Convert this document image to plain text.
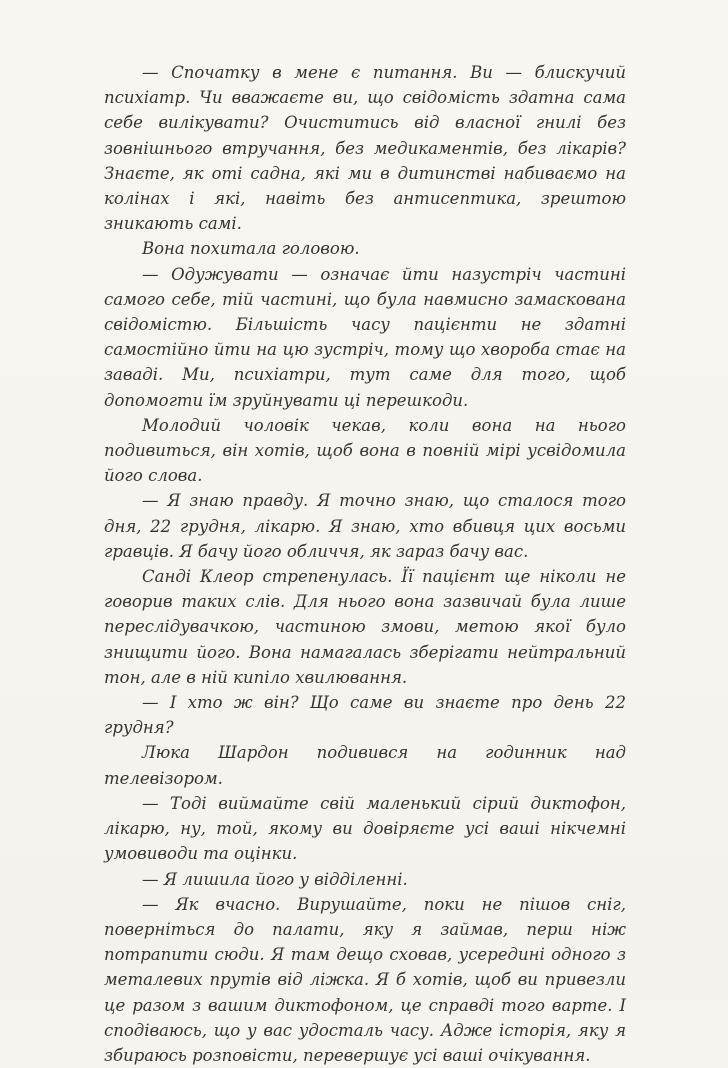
— Спочатку в мене є питання. Ви — блискучий психіатр. Чи вважаєте ви, що свідомість здатна сама себе вилікувати? Очиститись від власної гнилі без зовнішнього втручання, без медикаментів, без лікарів? Знаєте, як оті садна, які ми в дитинстві набиваємо на колінах і які, навіть без антисептика, зрештою зникають самі.

Вона похитала головою.

— Одужувати — означає йти назустріч частині самого себе, тій частині, що була навмисно замаскована свідомістю. Більшість часу пацієнти не здатні самостійно йти на цю зустріч, тому що хвороба стає на заваді. Ми, психіатри, тут саме для того, щоб допомогти їм зруйнувати ці перешкоди.

Молодий чоловік чекав, коли вона на нього подивиться, він хотів, щоб вона в повній мірі усвідомила його слова.

— Я знаю правду. Я точно знаю, що сталося того дня, 22 грудня, лікарю. Я знаю, хто вбивця цих восьми гравців. Я бачу його обличчя, як зараз бачу вас.

Санді Клеор стрепенулась. Її пацієнт ще ніколи не говорив таких слів. Для нього вона зазвичай була лише переслідувачкою, частиною змови, метою якої було знищити його. Вона намагалась зберігати нейтральний тон, але в ній кипіло хвилювання.

— І хто ж він? Що саме ви знаєте про день 22 грудня?

Люка Шардон подивився на годинник над телевізором.

— Тоді виймайте свій маленький сірий диктофон, лікарю, ну, той, якому ви довіряєте усі ваші нікчемні умовиводи та оцінки.

— Я лишила його у відділенні.

— Як вчасно. Вирушайте, поки не пішов сніг, поверніться до палати, яку я займав, перш ніж потрапити сюди. Я там дещо сховав, усередині одного з металевих прутів від ліжка. Я б хотів, щоб ви привезли це разом з вашим диктофоном, це справді того варте. І сподіваюсь, що у вас удосталь часу. Адже історія, яку я збираюсь розповісти, перевершує усі ваші очікування.
